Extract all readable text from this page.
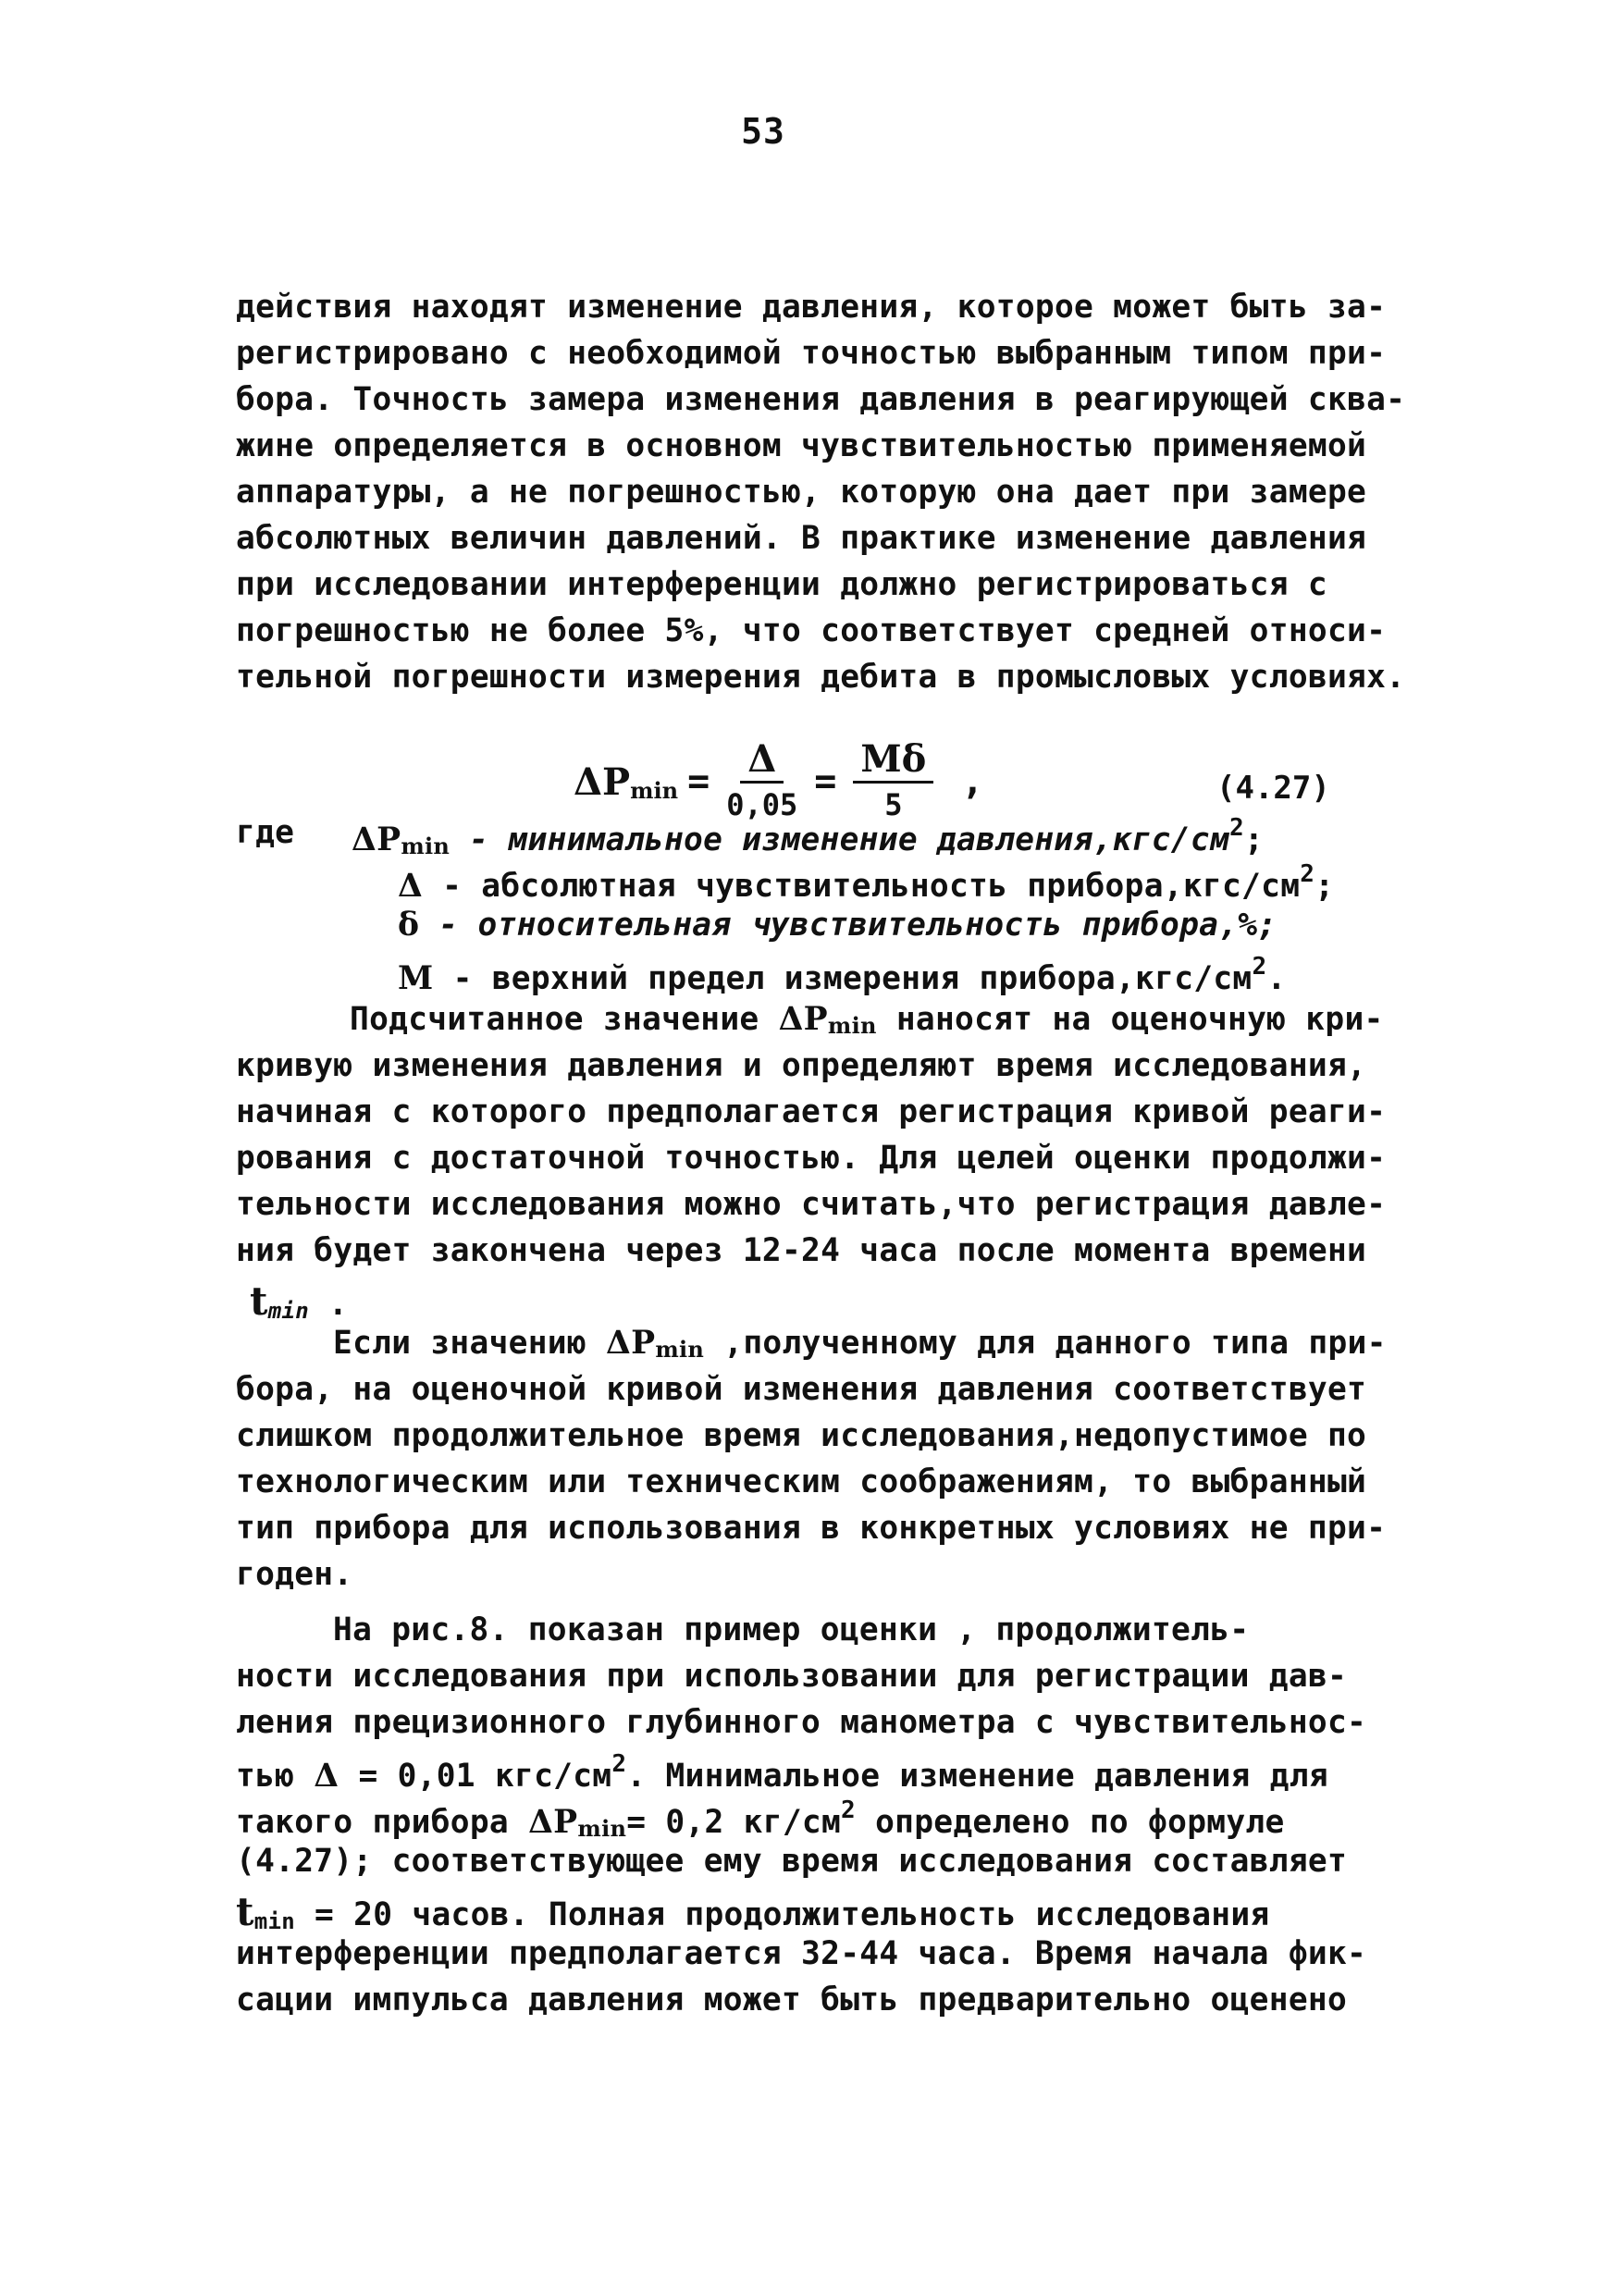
53
действия находят изменение давления, которое может быть за-
регистрировано с необходимой точностью выбранным типом при-
бора. Точность замера изменения давления в реагирующей сква-
жине определяется в основном чувствительностью применяемой
аппаратуры, а не погрешностью, которую она дает при замере
абсолютных величин давлений. В практике изменение давления
при исследовании интерференции должно регистрироваться с
погрешностью не более 5%, что соответствует средней относи-
тельной погрешности измерения дебита в промысловых условиях.
$\Delta Pmin = \frac{\Delta}{0,05} = \frac{M\delta}{5}$ ,	(4.27)
где ΔPmin - минимальное изменение $давления,кгс/см^2$;
Δ - абсолютная чувствительность $прибора,кгс/см^2$;
δ - относительная чувствительность прибора,%;
M - верхний предел измерения $прибора,кгс/см^2$.
Подсчитанное значение ΔPmin наносят на оценочную кри-
кривую изменения давления и определяют время исследования,
начиная с которого предполагается регистрация кривой реаги-
рования с достаточной точностью. Для целей оценки продолжи-
тельности исследования можно считать,что регистрация давле-
ния будет закончена через 12-24 часа после момента времени
tmin .
Если значению ΔPmin ,полученному для данного типа при-
бора, на оценочной кривой изменения давления соответствует
слишком продолжительное время исследования,недопустимое по
технологическим или техническим соображениям, то выбранный
тип прибора для использования в конкретных условиях не при-
годен.
На рис.8. показан пример оценки , продолжитель-
ности исследования при использовании для регистрации дав-
ления прецизионного глубинного манометра с чувствительнос-
тью Δ = 0,01 кгс/$см^2$. Минимальное изменение давления для
такого прибора ΔPmin= 0,2 $кг/см^2$ определено по формуле
(4.27); соответствующее ему время исследования составляет
tmin = 20 часов. Полная продолжительность исследования
интерференции предполагается 32-44 часа. Время начала фик-
сации импульса давления может быть предварительно оценено
